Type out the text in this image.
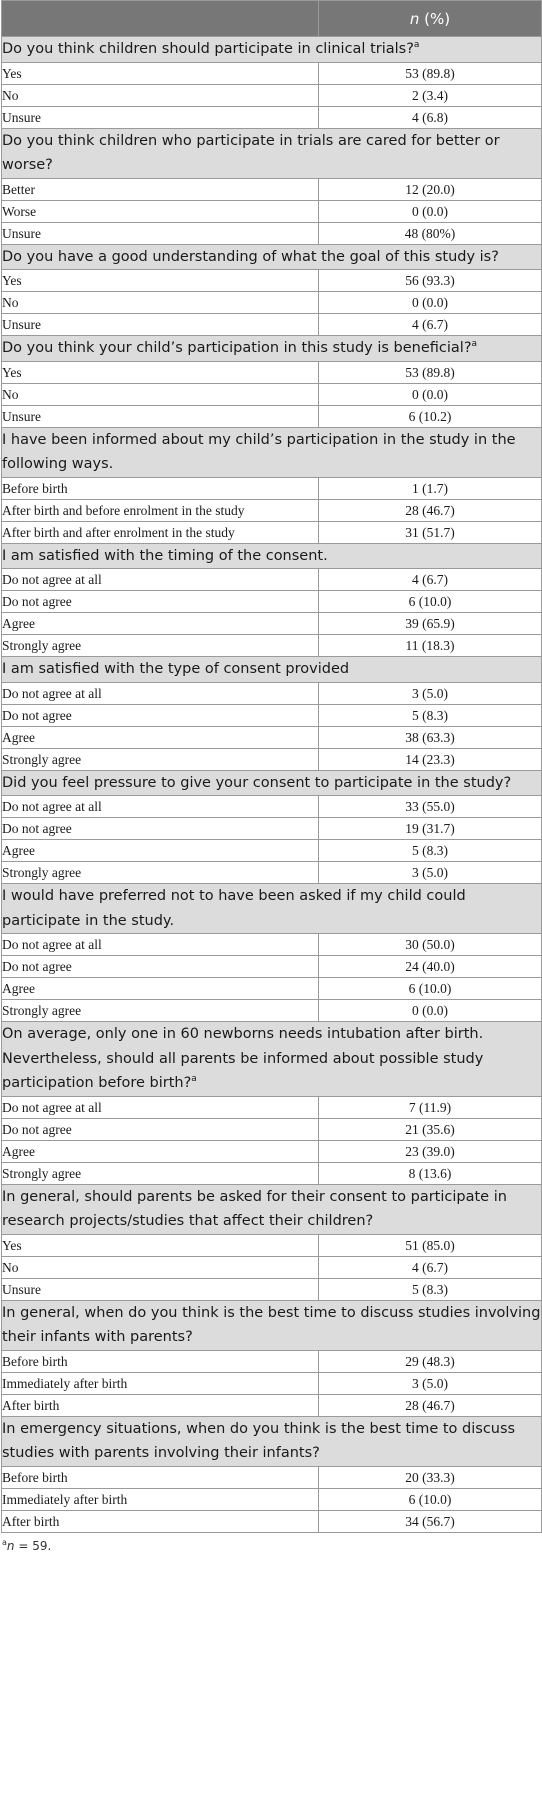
	n (%)
Do you think children should participate in clinical trials?$^a$
Yes	53 (89.8)
No	2 (3.4)
Unsure	4 (6.8)
Do you think children who participate in trials are cared for better or worse?	
Better	12 (20.0)
Worse	0 (0.0)
Unsure	48 (80%)
Do you have a good understanding of what the goal of this study is?	
Yes	56 (93.3)
No	0 (0.0)
Unsure	4 (6.7)
Do you think your child’s participation in this study is beneficial?$^a$
Yes	53 (89.8)
No	0 (0.0)
Unsure	6 (10.2)
I have been informed about my child’s participation in the study in the following ways.	
Before birth	1 (1.7)
After birth and before enrolment in the study	28 (46.7)
After birth and after enrolment in the study	31 (51.7)
I am satisfied with the timing of the consent.	
Do not agree at all	4 (6.7)
Do not agree	6 (10.0)
Agree	39 (65.9)
Strongly agree	11 (18.3)
I am satisfied with the type of consent provided	
Do not agree at all	3 (5.0)
Do not agree	5 (8.3)
Agree	38 (63.3)
Strongly agree	14 (23.3)
Did you feel pressure to give your consent to participate in the study?	
Do not agree at all	33 (55.0)
Do not agree	19 (31.7)
Agree	5 (8.3)
Strongly agree	3 (5.0)
I would have preferred not to have been asked if my child could participate in the study.	
Do not agree at all	30 (50.0)
Do not agree	24 (40.0)
Agree	6 (10.0)
Strongly agree	0 (0.0)
On average, only one in 60 newborns needs intubation after birth. Nevertheless, should all parents be informed about possible study participation before birth?$^a$
Do not agree at all	7 (11.9)
Do not agree	21 (35.6)
Agree	23 (39.0)
Strongly agree	8 (13.6)
In general, should parents be asked for their consent to participate in research projects/studies that affect their children?	
Yes	51 (85.0)
No	4 (6.7)
Unsure	5 (8.3)
In general, when do you think is the best time to discuss studies involving their infants with parents?	
Before birth	29 (48.3)
Immediately after birth	3 (5.0)
After birth	28 (46.7)
In emergency situations, when do you think is the best time to discuss studies with parents involving their infants?	
Before birth	20 (33.3)
Immediately after birth	6 (10.0)
After birth	34 (56.7)
$^a$n = 59.
